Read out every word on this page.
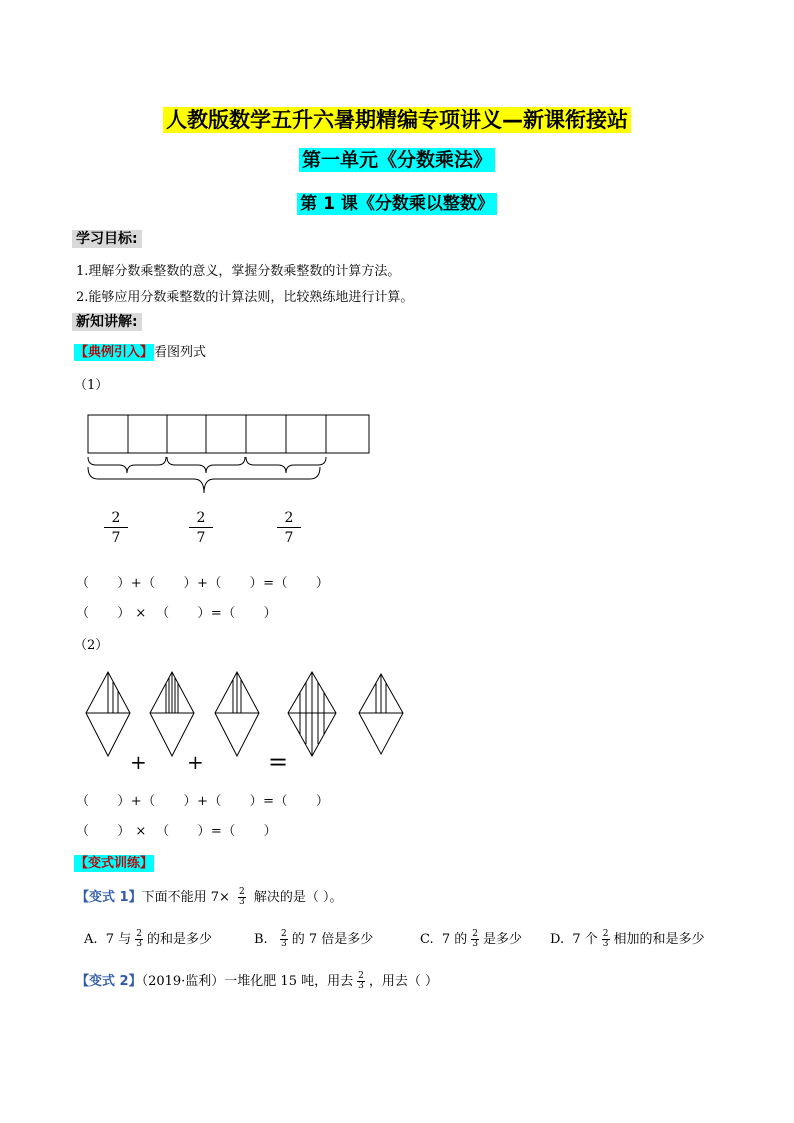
人教版数学五升六暑期精编专项讲义—新课衔接站
第一单元《分数乘法》
第 1 课《分数乘以整数》
学习目标:
1.理解分数乘整数的意义，掌握分数乘整数的计算方法。
2.能够应用分数乘整数的计算法则，比较熟练地进行计算。
新知讲解:
【典例引入】看图列式
（1）
$\frac{2}{7}$	$\frac{2}{7}$	$\frac{2}{7}$
（      ）+（      ）+（      ）=（      ）
（      ） ×  （      ）=（      ）
（2）
+ +	=
（      ）+（      ）+（      ）=（      ）
（      ） ×  （      ）=（      ）
【变式训练】
【变式 1】下面不能用 $7\times \frac{2}{3}$ 解决的是（ ）。
A. 7 与 $\frac{2}{3}$ 的和是多少	B. $\frac{2}{3}$ 的 7 倍是多少	C. 7 的 $\frac{2}{3}$ 是多少 D. 7 个 $\frac{2}{3}$ 相加的和是多少
【变式 2】（2019·监利）一堆化肥 15 吨，用去 $\frac{2}{3}$ ，用去（ ）
